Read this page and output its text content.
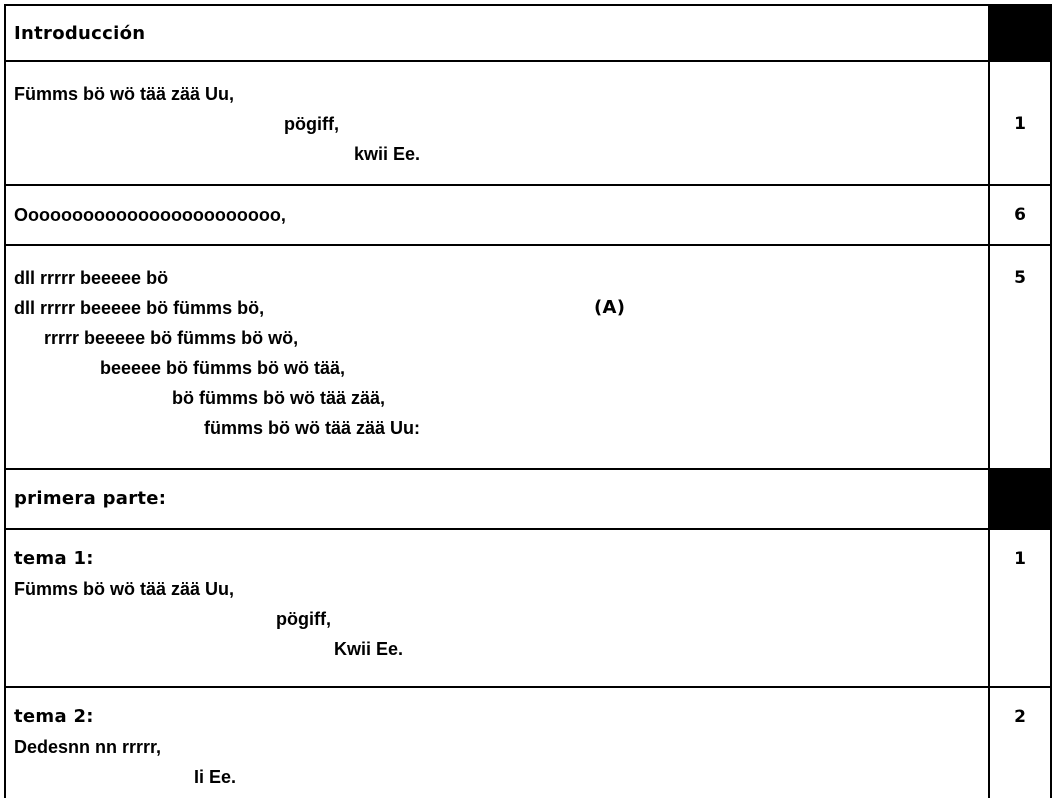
Introducción
Fümms bö wö tää zää Uu,
pögiff,
kwii Ee.
1
Oooooooooooooooooooooooo,	6
dll rrrrr beeeee bö
dll rrrrr beeeee bö fümms bö,
rrrrr beeeee bö fümms bö wö,
beeeee bö fümms bö wö tää,
bö fümms bö wö tää zää,
fümms bö wö tää zää Uu:
(A)
5
primera parte:
tema 1:
Fümms bö wö tää zää Uu,
pögiff,
Kwii Ee.
1
tema 2:
Dedesnn nn rrrrr,
Ii Ee.
2
